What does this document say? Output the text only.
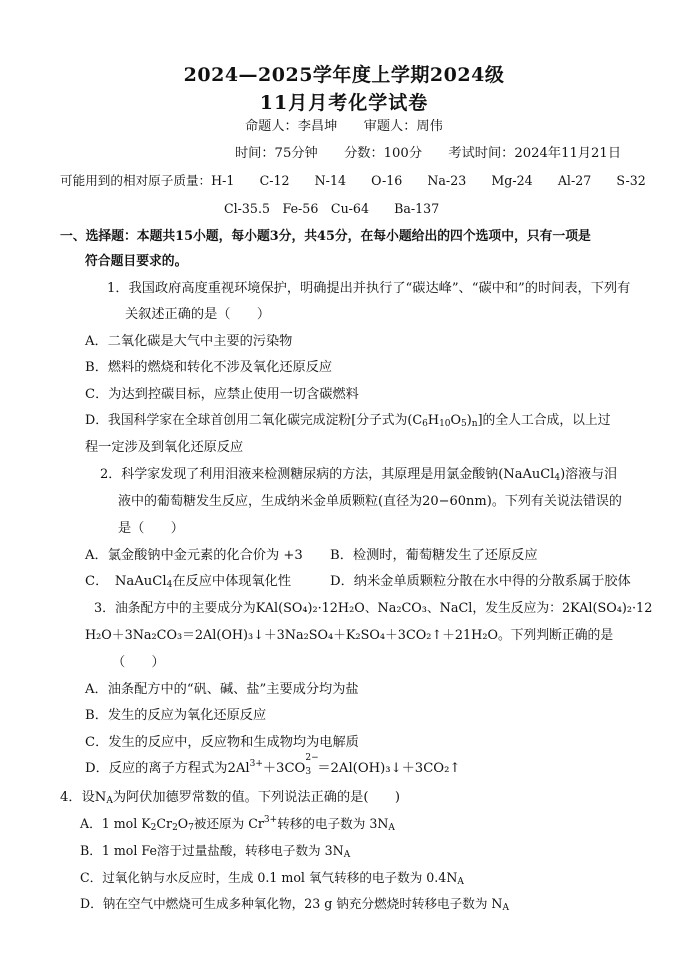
2024—2025学年度上学期2024级
11月月考化学试卷
命题人：李昌坤　　审题人：周伟
时间：75分钟　　分数：100分　　考试时间：2024年11月21日
可能用到的相对原子质量：H-1　　C-12　　N-14　　O-16　　Na-23　　Mg-24　　Al-27　　S-32
Cl-35.5　Fe-56　Cu-64　　Ba-137
一、选择题：本题共15小题，每小题3分，共45分，在每小题给出的四个选项中，只有一项是
符合题目要求的。
1．我国政府高度重视环境保护，明确提出并执行了“碳达峰”、“碳中和”的时间表，下列有
关叙述正确的是（　　）
A．二氧化碳是大气中主要的污染物
B．燃料的燃烧和转化不涉及氧化还原反应
C．为达到控碳目标，应禁止使用一切含碳燃料
D．我国科学家在全球首创用二氧化碳完成淀粉[分子式为$(C_6H_{10}O_5)_n$]的全人工合成，以上过
程一定涉及到氧化还原反应
2．科学家发现了利用泪液来检测糖尿病的方法，其原理是用氯金酸钠(NaAuCl$_4$)溶液与泪
液中的葡萄糖发生反应，生成纳米金单质颗粒(直径为20−60nm)。下列有关说法错误的
是（　　）
A．氯金酸钠中金元素的化合价为 +3 B．检测时，葡萄糖发生了还原反应
C．　NaAuCl$_4$在反应中体现氧化性	D．纳米金单质颗粒分散在水中得的分散系属于胶体
3．油条配方中的主要成分为KAl(SO₄)₂·12H₂O、Na₂CO₃、NaCl，发生反应为：2KAl(SO₄)₂·12
H₂O＋3Na₂CO₃＝2Al(OH)₃↓＋3Na₂SO₄＋K₂SO₄＋3CO₂↑＋21H₂O。下列判断正确的是
（　　）
A．油条配方中的“矾、碱、盐”主要成分均为盐
B．发生的反应为氧化还原反应
C．发生的反应中，反应物和生成物均为电解质
D．反应的离子方程式为$2Al^{3+}+3CO$
2−
3 ＝2Al(OH)₃↓＋3CO₂↑
4．设$N_A$为阿伏加德罗常数的值。下列说法正确的是(　　)
A．1 mol $K_2Cr_2O_7$被还原为 $Cr^{3+}$转移的电子数为 $3N_A$
B．1 mol Fe溶于过量盐酸，转移电子数为 $3N_A$
C．过氧化钠与水反应时，生成 0.1 mol 氧气转移的电子数为 $0.4N_A$
D．钠在空气中燃烧可生成多种氧化物，23 g 钠充分燃烧时转移电子数为 $N_A$
